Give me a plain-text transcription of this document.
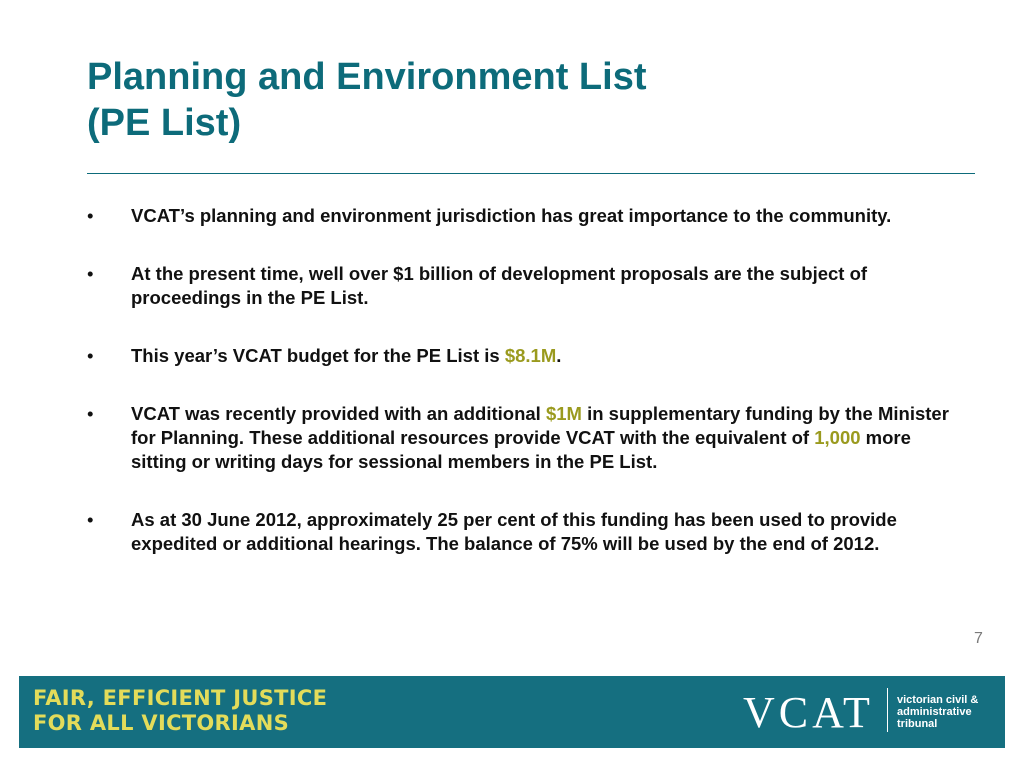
Planning and Environment List
(PE List)
• VCAT’s planning and environment jurisdiction has great importance to the community.
• At the present time, well over $1 billion of development proposals are the subject of proceedings in the PE List.
• This year’s VCAT budget for the PE List is $8.1M.
• VCAT was recently provided with an additional $1M in supplementary funding by the Minister for Planning. These additional resources provide VCAT with the equivalent of 1,000 more sitting or writing days for sessional members in the PE List.
• As at 30 June 2012, approximately 25 per cent of this funding has been used to provide expedited or additional hearings. The balance of 75% will be used by the end of 2012.
7

FAIR, EFFICIENT JUSTICE
FOR ALL VICTORIANS	VCAT victorian civil &
administrative
tribunal
